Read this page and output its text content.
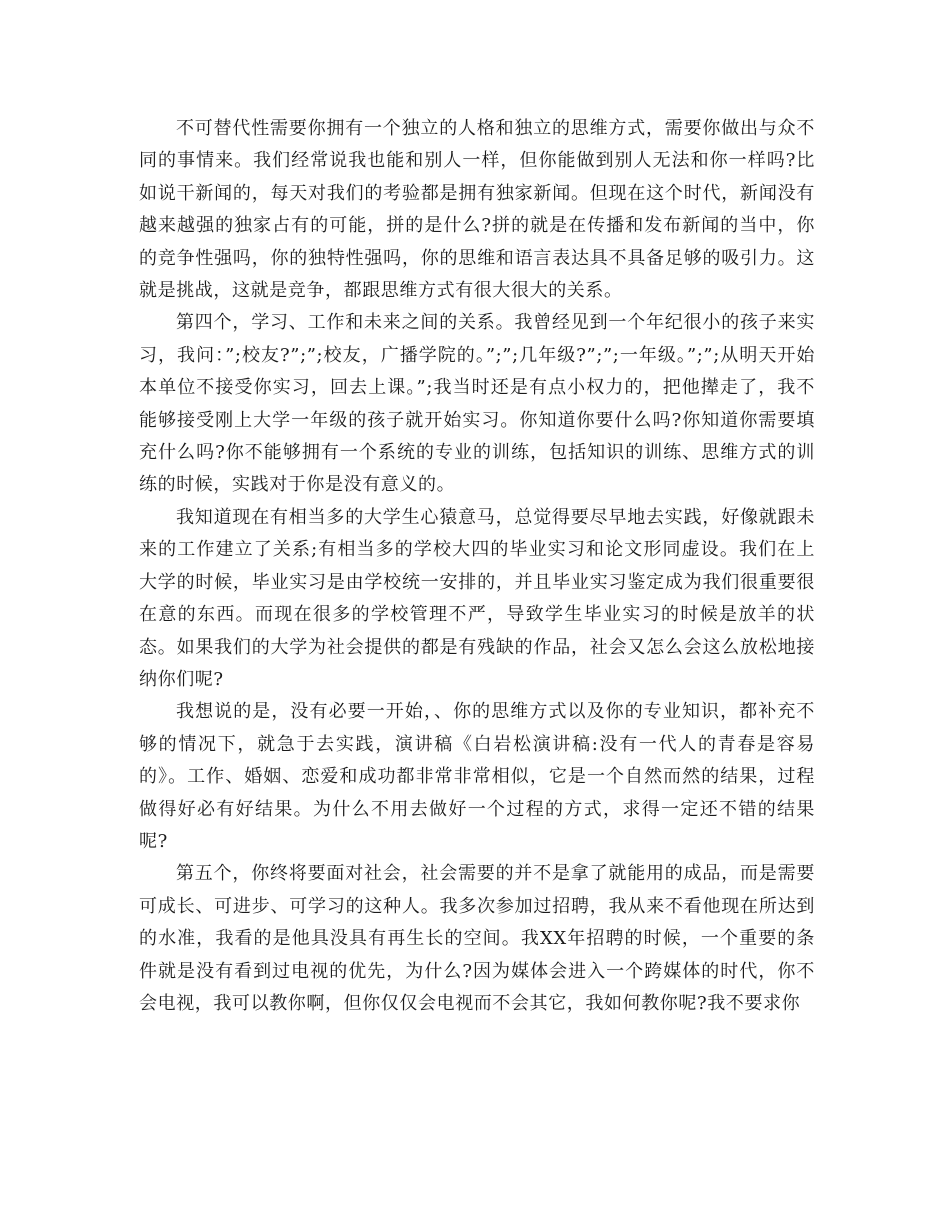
不可替代性需要你拥有一个独立的人格和独立的思维方式，需要你做出与众不同的事情来。我们经常说我也能和别人一样，但你能做到别人无法和你一样吗?比如说干新闻的，每天对我们的考验都是拥有独家新闻。但现在这个时代，新闻没有越来越强的独家占有的可能，拼的是什么?拼的就是在传播和发布新闻的当中，你的竞争性强吗，你的独特性强吗，你的思维和语言表达具不具备足够的吸引力。这就是挑战，这就是竞争，都跟思维方式有很大很大的关系。

第四个，学习、工作和未来之间的关系。我曾经见到一个年纪很小的孩子来实习，我问：”;校友?”;”;校友，广播学院的。”;”;几年级?”;”;一年级。”;”;从明天开始本单位不接受你实习，回去上课。”;我当时还是有点小权力的，把他撵走了，我不能够接受刚上大学一年级的孩子就开始实习。你知道你要什么吗?你知道你需要填充什么吗?你不能够拥有一个系统的专业的训练，包括知识的训练、思维方式的训练的时候，实践对于你是没有意义的。

我知道现在有相当多的大学生心猿意马，总觉得要尽早地去实践，好像就跟未来的工作建立了关系;有相当多的学校大四的毕业实习和论文形同虚设。我们在上大学的时候，毕业实习是由学校统一安排的，并且毕业实习鉴定成为我们很重要很在意的东西。而现在很多的学校管理不严，导致学生毕业实习的时候是放羊的状态。如果我们的大学为社会提供的都是有残缺的作品，社会又怎么会这么放松地接纳你们呢?

我想说的是，没有必要一开始，、你的思维方式以及你的专业知识，都补充不够的情况下，就急于去实践，演讲稿《白岩松演讲稿:没有一代人的青春是容易的》。工作、婚姻、恋爱和成功都非常非常相似，它是一个自然而然的结果，过程做得好必有好结果。为什么不用去做好一个过程的方式，求得一定还不错的结果呢?

第五个，你终将要面对社会，社会需要的并不是拿了就能用的成品，而是需要可成长、可进步、可学习的这种人。我多次参加过招聘，我从来不看他现在所达到的水准，我看的是他具没具有再生长的空间。我XX年招聘的时候，一个重要的条件就是没有看到过电视的优先，为什么?因为媒体会进入一个跨媒体的时代，你不会电视，我可以教你啊，但你仅仅会电视而不会其它，我如何教你呢?我不要求你
